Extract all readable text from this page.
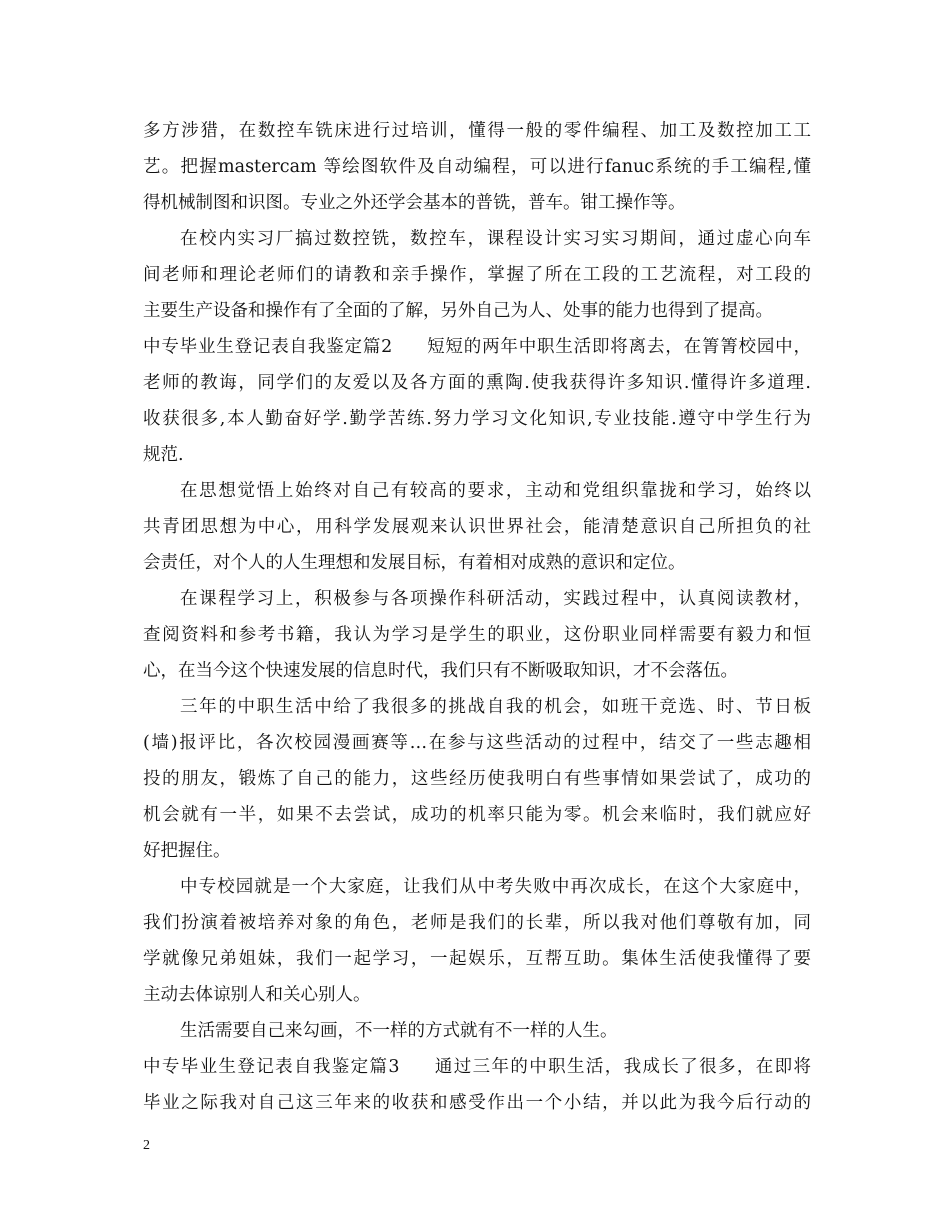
多方涉猎，在数控车铣床进行过培训，懂得一般的零件编程、加工及数控加工工
艺。把握mastercam 等绘图软件及自动编程，可以进行fanuc系统的手工编程,懂
得机械制图和识图。专业之外还学会基本的普铣，普车。钳工操作等。
在校内实习厂搞过数控铣，数控车，课程设计实习实习期间，通过虚心向车
间老师和理论老师们的请教和亲手操作，掌握了所在工段的工艺流程，对工段的
主要生产设备和操作有了全面的了解，另外自己为人、处事的能力也得到了提高。
中专毕业生登记表自我鉴定篇2 短短的两年中职生活即将离去，在箐箐校园中，
老师的教诲，同学们的友爱以及各方面的熏陶.使我获得许多知识.懂得许多道理.
收获很多,本人勤奋好学.勤学苦练.努力学习文化知识,专业技能.遵守中学生行为
规范.
在思想觉悟上始终对自己有较高的要求，主动和党组织靠拢和学习，始终以
共青团思想为中心，用科学发展观来认识世界社会，能清楚意识自己所担负的社
会责任，对个人的人生理想和发展目标，有着相对成熟的意识和定位。
在课程学习上，积极参与各项操作科研活动，实践过程中，认真阅读教材，
查阅资料和参考书籍，我认为学习是学生的职业，这份职业同样需要有毅力和恒
心，在当今这个快速发展的信息时代，我们只有不断吸取知识，才不会落伍。
三年的中职生活中给了我很多的挑战自我的机会，如班干竞选、时、节日板
(墙)报评比，各次校园漫画赛等…在参与这些活动的过程中，结交了一些志趣相
投的朋友，锻炼了自己的能力，这些经历使我明白有些事情如果尝试了，成功的
机会就有一半，如果不去尝试，成功的机率只能为零。机会来临时，我们就应好
好把握住。
中专校园就是一个大家庭，让我们从中考失败中再次成长，在这个大家庭中，
我们扮演着被培养对象的角色，老师是我们的长辈，所以我对他们尊敬有加，同
学就像兄弟姐妹，我们一起学习，一起娱乐，互帮互助。集体生活使我懂得了要
主动去体谅别人和关心别人。
生活需要自己来勾画，不一样的方式就有不一样的人生。
中专毕业生登记表自我鉴定篇3 通过三年的中职生活，我成长了很多，在即将
毕业之际我对自己这三年来的收获和感受作出一个小结，并以此为我今后行动的
2
